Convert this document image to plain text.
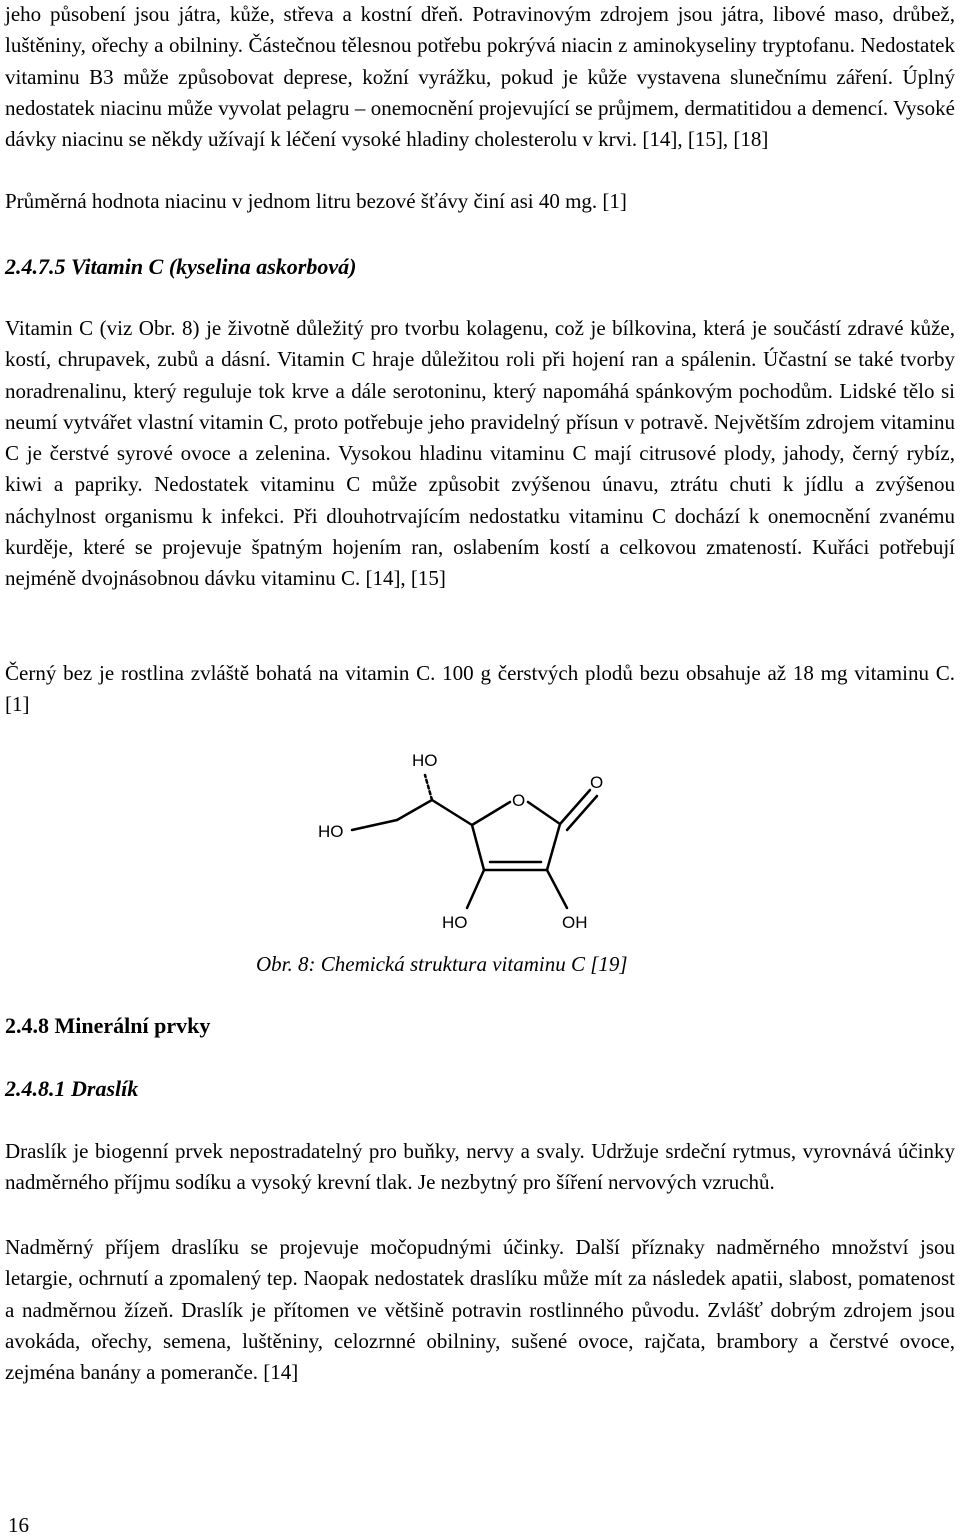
jeho působení jsou játra, kůže, střeva a kostní dřeň. Potravinovým zdrojem jsou játra, libové maso, drůbež, luštěniny, ořechy a obilniny. Částečnou tělesnou potřebu pokrývá niacin z aminokyseliny tryptofanu. Nedostatek vitaminu B3 může způsobovat deprese, kožní vyrážku, pokud je kůže vystavena slunečnímu záření. Úplný nedostatek niacinu může vyvolat pelagru – onemocnění projevující se průjmem, dermatitidou a demencí. Vysoké dávky niacinu se někdy užívají k léčení vysoké hladiny cholesterolu v krvi. [14], [15], [18]

Průměrná hodnota niacinu v jednom litru bezové šťávy činí asi 40 mg. [1]

2.4.7.5 Vitamin C (kyselina askorbová)

Vitamin C (viz Obr. 8) je životně důležitý pro tvorbu kolagenu, což je bílkovina, která je součástí zdravé kůže, kostí, chrupavek, zubů a dásní. Vitamin C hraje důležitou roli při hojení ran a spálenin. Účastní se také tvorby noradrenalinu, který reguluje tok krve a dále serotoninu, který napomáhá spánkovým pochodům. Lidské tělo si neumí vytvářet vlastní vitamin C, proto potřebuje jeho pravidelný přísun v potravě. Největším zdrojem vitaminu C je čerstvé syrové ovoce a zelenina. Vysokou hladinu vitaminu C mají citrusové plody, jahody, černý rybíz, kiwi a papriky. Nedostatek vitaminu C může způsobit zvýšenou únavu, ztrátu chuti k jídlu a zvýšenou náchylnost organismu k infekci. Při dlouhotrvajícím nedostatku vitaminu C dochází k onemocnění zvanému kurděje, které se projevuje špatným hojením ran, oslabením kostí a celkovou zmateností. Kuřáci potřebují nejméně dvojnásobnou dávku vitaminu C. [14], [15]

Černý bez je rostlina zvláště bohatá na vitamin C. 100 g čerstvých plodů bezu obsahuje až 18 mg vitaminu C. [1]

HO
HO
O
O
HO	OH

Obr. 8: Chemická struktura vitaminu C [19]

2.4.8 Minerální prvky
2.4.8.1 Draslík

Draslík je biogenní prvek nepostradatelný pro buňky, nervy a svaly. Udržuje srdeční rytmus, vyrovnává účinky nadměrného příjmu sodíku a vysoký krevní tlak. Je nezbytný pro šíření nervových vzruchů.

Nadměrný příjem draslíku se projevuje močopudnými účinky. Další příznaky nadměrného množství jsou letargie, ochrnutí a zpomalený tep. Naopak nedostatek draslíku může mít za následek apatii, slabost, pomatenost a nadměrnou žízeň. Draslík je přítomen ve většině potravin rostlinného původu. Zvlášť dobrým zdrojem jsou avokáda, ořechy, semena, luštěniny, celozrnné obilniny, sušené ovoce, rajčata, brambory a čerstvé ovoce, zejména banány a pomeranče. [14]

16
